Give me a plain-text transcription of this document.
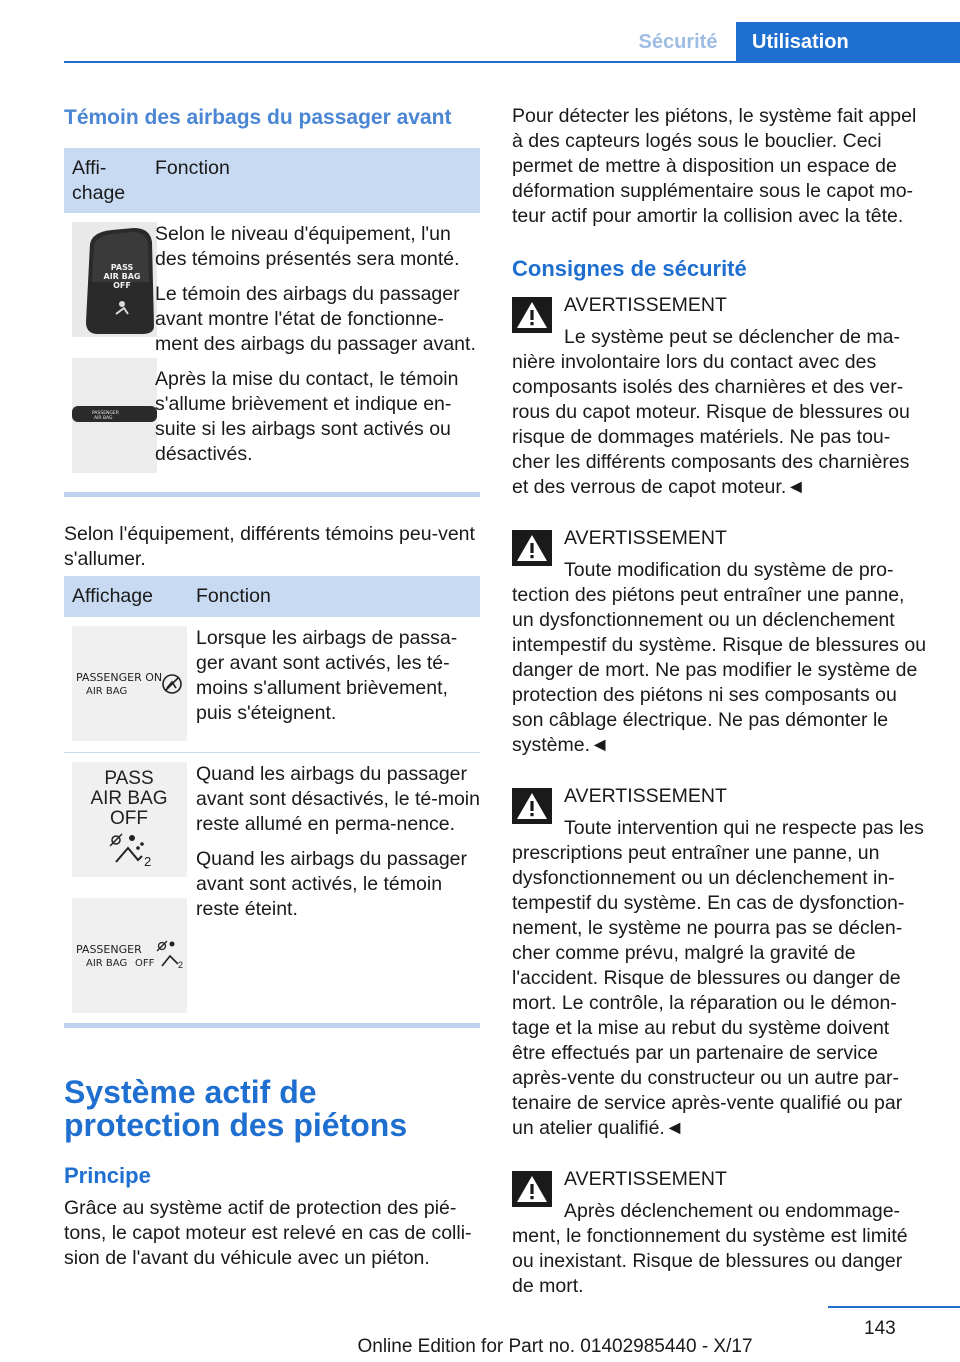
Sécurité	Utilisation
Témoin des airbags du passager avant
Affi‐
chage
Fonction
PASS
AIR BAG
OFF
PASSENGER
AIR BAG

Selon le niveau d'équipement, l'un des témoins présentés sera monté.

Le témoin des airbags du passager avant montre l'état de fonctionne‐ment des airbags du passager avant.

Après la mise du contact, le témoin s'allume brièvement et indique en‐suite si les airbags sont activés ou désactivés.

Selon l'équipement, différents témoins peu‐vent s'allumer.

Affichage Fonction
PASSENGER ON
AIR BAG

Lorsque les airbags de passa‐ger avant sont activés, les té‐moins s'allument brièvement, puis s'éteignent.

PASS
AIR BAG
OFF
2
PASSENGER
AIR BAG OFF	2

Quand les airbags du passager avant sont désactivés, le té‐moin reste allumé en perma‐nence.

Quand les airbags du passager avant sont activés, le témoin reste éteint.

Système actif de protection des piétons
Principe

Grâce au système actif de protection des pié‐tons, le capot moteur est relevé en cas de colli‐sion de l'avant du véhicule avec un piéton.

Pour détecter les piétons, le système fait appel à des capteurs logés sous le bouclier. Ceci permet de mettre à disposition un espace de déformation supplémentaire sous le capot mo‐teur actif pour amortir la collision avec la tête.

Consignes de sécurité
AVERTISSEMENT

Le système peut se déclencher de ma‐nière involontaire lors du contact avec des composants isolés des charnières et des ver‐rous du capot moteur. Risque de blessures ou risque de dommages matériels. Ne pas tou‐cher les différents composants des charnières et des verrous de capot moteur.◄

AVERTISSEMENT

Toute modification du système de pro‐tection des piétons peut entraîner une panne, un dysfonctionnement ou un déclenchement intempestif du système. Risque de blessures ou danger de mort. Ne pas modifier le système de protection des piétons ni ses composants ou son câblage électrique. Ne pas démonter le système.◄

AVERTISSEMENT

Toute intervention qui ne respecte pas les prescriptions peut entraîner une panne, un dysfonctionnement ou un déclenchement in‐tempestif du système. En cas de dysfonction‐nement, le système ne pourra pas se déclen‐cher comme prévu, malgré la gravité de l'accident. Risque de blessures ou danger de mort. Le contrôle, la réparation ou le démon‐tage et la mise au rebut du système doivent être effectués par un partenaire de service après-vente du constructeur ou un autre par‐tenaire de service après-vente qualifié ou par un atelier qualifié.◄

AVERTISSEMENT

Après déclenchement ou endommage‐ment, le fonctionnement du système est limité ou inexistant. Risque de blessures ou danger de mort.

143
Online Edition for Part no. 01402985440 - X/17
